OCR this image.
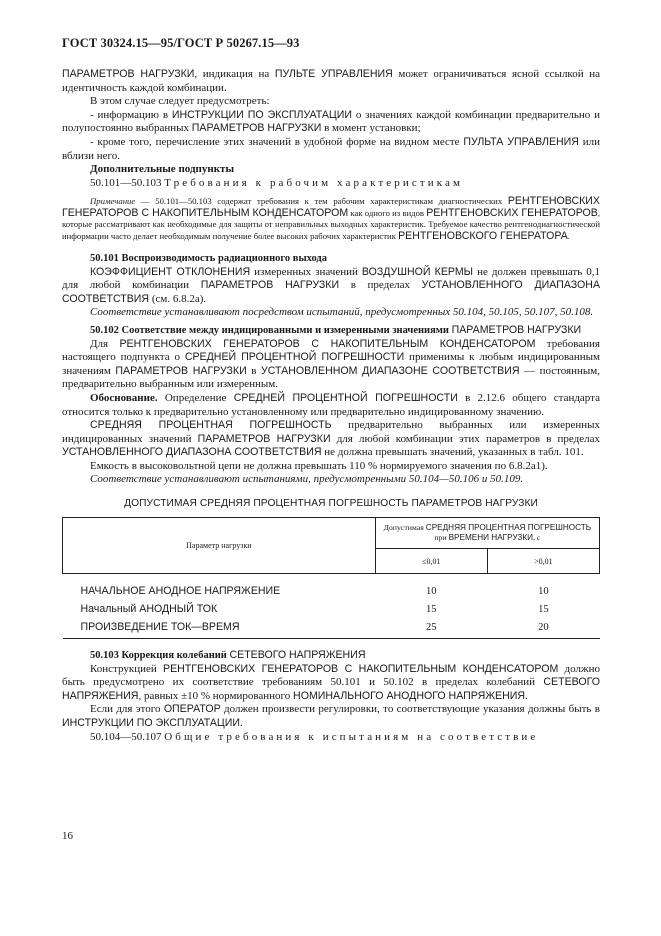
ГОСТ 30324.15—95/ГОСТ Р 50267.15—93

ПАРАМЕТРОВ НАГРУЗКИ, индикация на ПУЛЬТЕ УПРАВЛЕНИЯ может ограничиваться ясной ссылкой на идентичность каждой комбинации.

В этом случае следует предусмотреть:

- информацию в ИНСТРУКЦИИ ПО ЭКСПЛУАТАЦИИ о значениях каждой комбинации предварительно и полупостоянно выбранных ПАРАМЕТРОВ НАГРУЗКИ в момент установки;

- кроме того, перечисление этих значений в удобной форме на видном месте ПУЛЬТА УПРАВЛЕНИЯ или вблизи него.

Дополнительные подпункты

50.101—50.103 Требования к рабочим характеристикам

Примечание — 50.101—50.103 содержат требования к тем рабочим характеристикам диагностических РЕНТГЕНОВСКИХ ГЕНЕРАТОРОВ С НАКОПИТЕЛЬНЫМ КОНДЕНСАТОРОМ как одного из видов РЕНТГЕНОВСКИХ ГЕНЕРАТОРОВ, которые рассматривают как необходимые для защиты от неправильных выходных характеристик. Требуемое качество рентгенодиагностической информации часто делает необходимым получение более высоких рабочих характеристик РЕНТГЕНОВСКОГО ГЕНЕРАТОРА.

50.101 Воспроизводимость радиационного выхода

КОЭФФИЦИЕНТ ОТКЛОНЕНИЯ измеренных значений ВОЗДУШНОЙ КЕРМЫ не должен превышать 0,1 для любой комбинации ПАРАМЕТРОВ НАГРУЗКИ в пределах УСТАНОВЛЕННОГО ДИАПАЗОНА СООТВЕТСТВИЯ (см. 6.8.2а).

Соответствие устанавливают посредством испытаний, предусмотренных 50.104, 50.105, 50.107, 50.108.

50.102 Соответствие между индицированными и измеренными значениями ПАРАМЕТРОВ НАГРУЗКИ

Для РЕНТГЕНОВСКИХ ГЕНЕРАТОРОВ С НАКОПИТЕЛЬНЫМ КОНДЕНСАТОРОМ требования настоящего подпункта о СРЕДНЕЙ ПРОЦЕНТНОЙ ПОГРЕШНОСТИ применимы к любым индицированным значениям ПАРАМЕТРОВ НАГРУЗКИ в УСТАНОВЛЕННОМ ДИАПАЗОНЕ СООТВЕТСТВИЯ — постоянным, предварительно выбранным или измеренным.

Обоснование. Определение СРЕДНЕЙ ПРОЦЕНТНОЙ ПОГРЕШНОСТИ в 2.12.6 общего стандарта относится только к предварительно установленному или предварительно индицированному значению.

СРЕДНЯЯ ПРОЦЕНТНАЯ ПОГРЕШНОСТЬ предварительно выбранных или измеренных индицированных значений ПАРАМЕТРОВ НАГРУЗКИ для любой комбинации этих параметров в пределах УСТАНОВЛЕННОГО ДИАПАЗОНА СООТВЕТСТВИЯ не должна превышать значений, указанных в табл. 101.

Емкость в высоковольтной цепи не должна превышать 110 % нормируемого значения по 6.8.2а1).

Соответствие устанавливают испытаниями, предусмотренными 50.104—50.106 и 50.109.

ДОПУСТИМАЯ СРЕДНЯЯ ПРОЦЕНТНАЯ ПОГРЕШНОСТЬ ПАРАМЕТРОВ НАГРУЗКИ
Параметр нагрузки	Допустимая СРЕДНЯЯ ПРОЦЕНТНАЯ ПОГРЕШНОСТЬ
при ВРЕМЕНИ НАГРУЗКИ, с	
	≤0,01	>0,01
НАЧАЛЬНОЕ АНОДНОЕ НАПРЯЖЕНИЕ	10	10
Начальный АНОДНЫЙ ТОК	15	15
ПРОИЗВЕДЕНИЕ ТОК—ВРЕМЯ	25	20

50.103 Коррекция колебаний СЕТЕВОГО НАПРЯЖЕНИЯ

Конструкцией РЕНТГЕНОВСКИХ ГЕНЕРАТОРОВ С НАКОПИТЕЛЬНЫМ КОНДЕНСАТОРОМ должно быть предусмотрено их соответствие требованиям 50.101 и 50.102 в пределах колебаний СЕТЕВОГО НАПРЯЖЕНИЯ, равных ±10 % нормированного НОМИНАЛЬНОГО АНОДНОГО НАПРЯЖЕНИЯ.

Если для этого ОПЕРАТОР должен произвести регулировки, то соответствующие указания должны быть в ИНСТРУКЦИИ ПО ЭКСПЛУАТАЦИИ.

50.104—50.107 Общие требования к испытаниям на соответствие

16
